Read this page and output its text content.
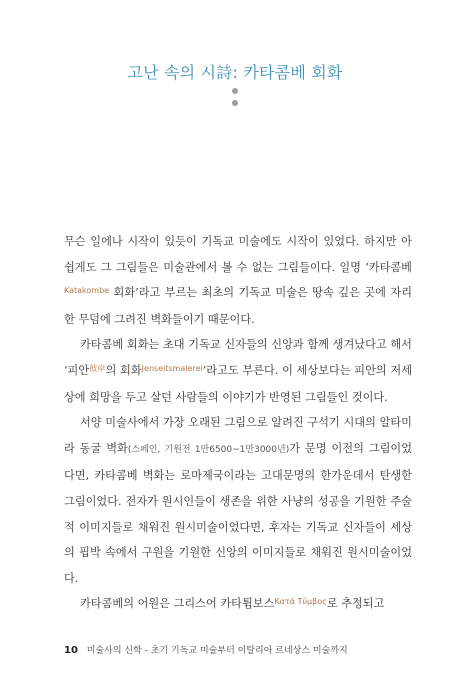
고난 속의 시詩: 카타콤베 회화

무슨 일에나 시작이 있듯이 기독교 미술에도 시작이 있었다. 하지만 아쉽게도 그 그림들은 미술관에서 볼 수 없는 그림들이다. 일명 ‘카타콤베$^{Katakombe}$ 회화’라고 부르는 최초의 기독교 미술은 땅속 깊은 곳에 자리한 무덤에 그려진 벽화들이기 때문이다.

카타콤베 회화는 초대 기독교 신자들의 신앙과 함께 생겨났다고 해서 ‘피안$^{彼岸}$의 회화$^{Jenseitsmalerei}$’라고도 부른다. 이 세상보다는 피안의 저세상에 희망을 두고 살던 사람들의 이야기가 반영된 그림들인 것이다.

서양 미술사에서 가장 오래된 그림으로 알려진 구석기 시대의 알타미라 동굴 벽화(스페인, 기원전 1만6500~1만3000년)가 문명 이전의 그림이었다면, 카타콤베 벽화는 로마제국이라는 고대문명의 한가운데서 탄생한 그림이었다. 전자가 원시인들이 생존을 위한 사냥의 성공을 기원한 주술적 이미지들로 채워진 원시미술이었다면, 후자는 기독교 신자들이 세상의 핍박 속에서 구원을 기원한 신앙의 이미지들로 채워진 원시미술이었다.

카타콤베의 어원은 그리스어 카타튐보스$^{K\alpha\tau ά Tύ\mu\beta o\varsigma}$로 추정되고

10 미술사의 신학 - 초기 기독교 미술부터 이탈리아 르네상스 미술까지
